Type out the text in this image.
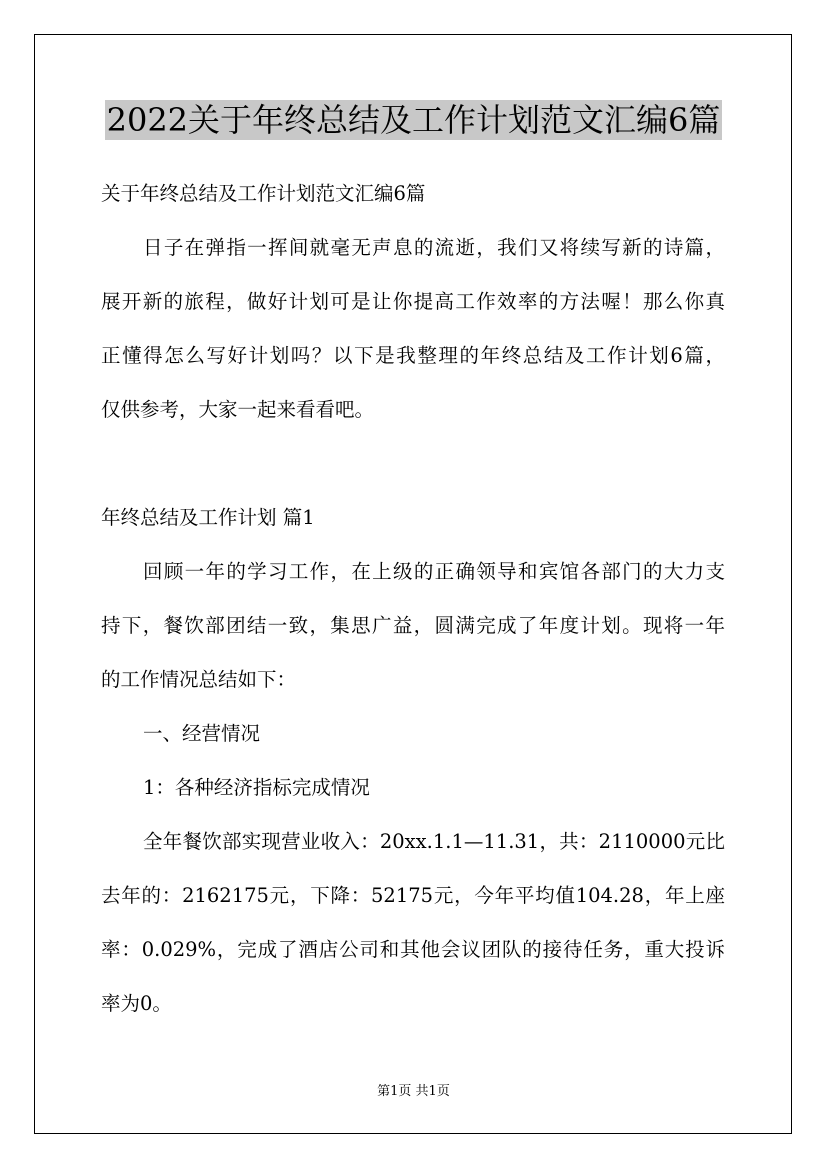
2022关于年终总结及工作计划范文汇编6篇
关于年终总结及工作计划范文汇编6篇
日子在弹指一挥间就毫无声息的流逝，我们又将续写新的诗篇，
展开新的旅程，做好计划可是让你提高工作效率的方法喔！那么你真
正懂得怎么写好计划吗？以下是我整理的年终总结及工作计划6篇，
仅供参考，大家一起来看看吧。
年终总结及工作计划 篇1
回顾一年的学习工作，在上级的正确领导和宾馆各部门的大力支
持下，餐饮部团结一致，集思广益，圆满完成了年度计划。现将一年
的工作情况总结如下：
一、经营情况
1：各种经济指标完成情况
全年餐饮部实现营业收入：20xx.1.1—11.31，共：2110000元比
去年的：2162175元，下降：52175元，今年平均值104.28，年上座
率：0.029%，完成了酒店公司和其他会议团队的接待任务，重大投诉
率为0。
第1页 共1页
